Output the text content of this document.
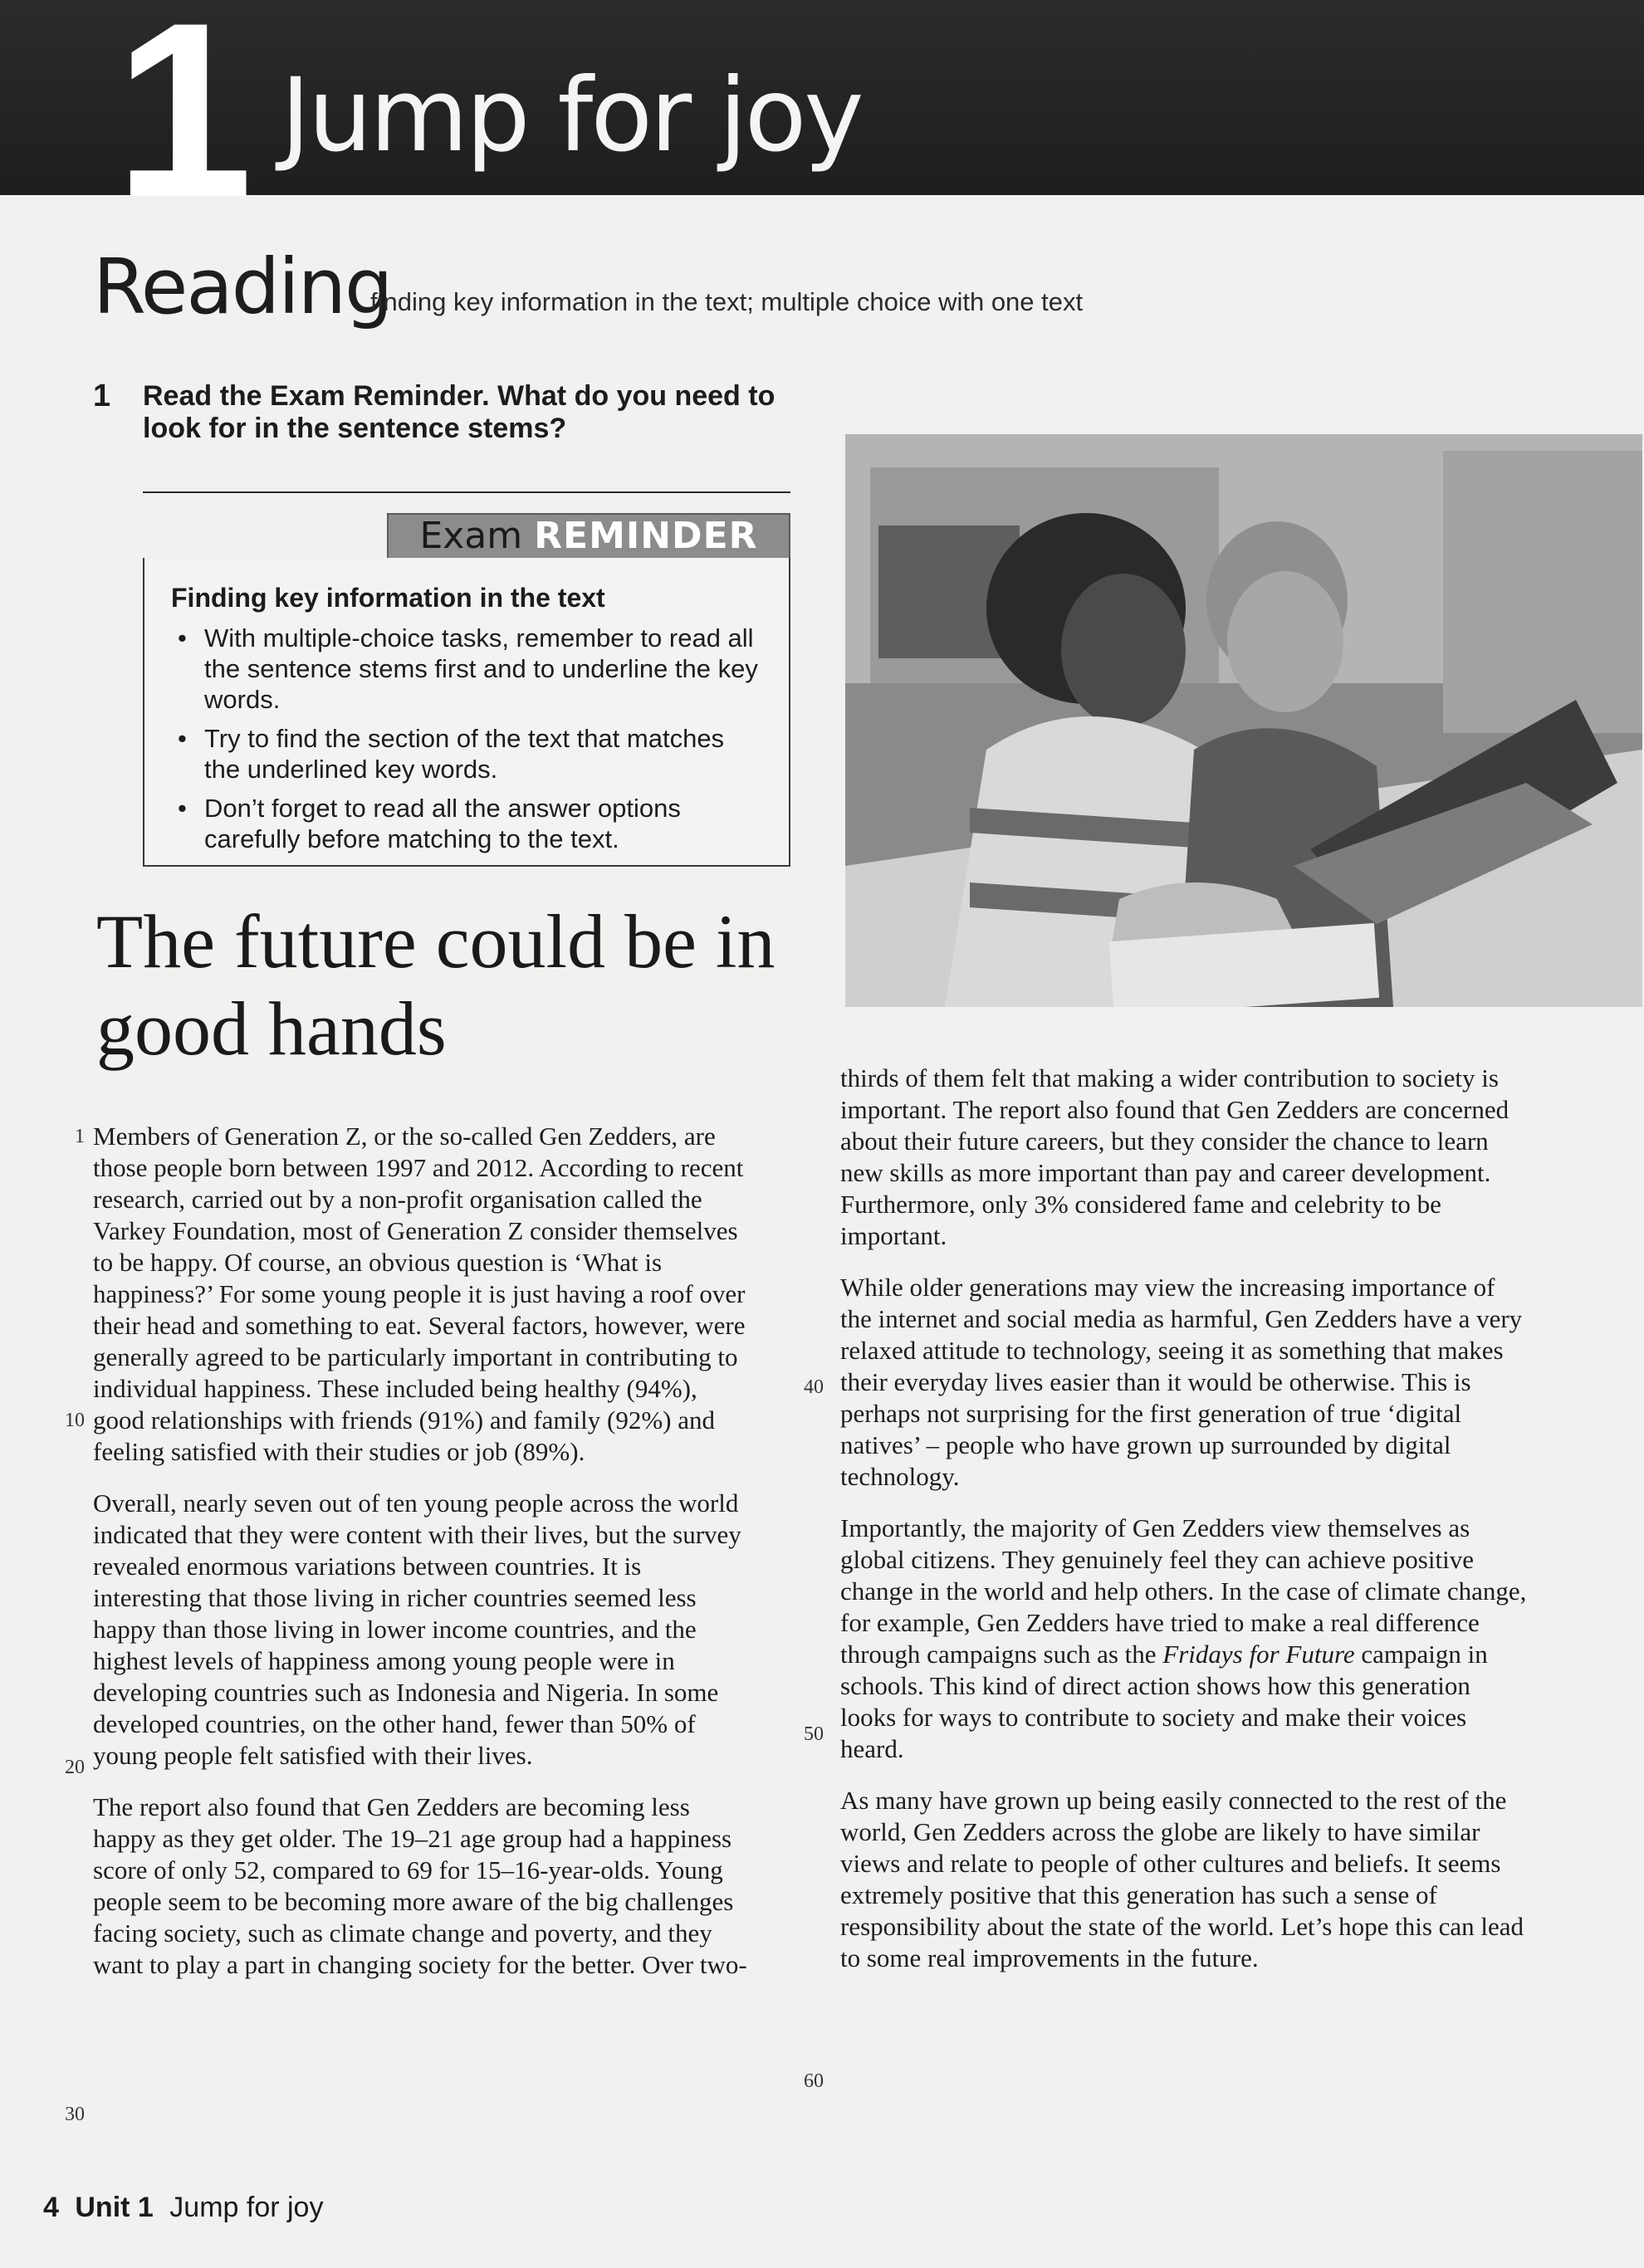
1 Jump for joy
Reading
finding key information in the text; multiple choice with one text
1 Read the Exam Reminder. What do you need to look for in the sentence stems?
Exam REMINDER
Finding key information in the text
• With multiple-choice tasks, remember to read all the sentence stems first and to underline the key words.
• Try to find the section of the text that matches the underlined key words.
• Don’t forget to read all the answer options carefully before matching to the text.
The future could be in good hands
1
10
20
30
40
50
60

Members of Generation Z, or the so-called Gen Zedders, are those people born between 1997 and 2012. According to recent research, carried out by a non-profit organisation called the Varkey Foundation, most of Generation Z consider themselves to be happy. Of course, an obvious question is ‘What is happiness?’ For some young people it is just having a roof over their head and something to eat. Several factors, however, were generally agreed to be particularly important in contributing to individual happiness. These included being healthy (94%), good relationships with friends (91%) and family (92%) and feeling satisfied with their studies or job (89%).

Overall, nearly seven out of ten young people across the world indicated that they were content with their lives, but the survey revealed enormous variations between countries. It is interesting that those living in richer countries seemed less happy than those living in lower income countries, and the highest levels of happiness among young people were in developing countries such as Indonesia and Nigeria. In some developed countries, on the other hand, fewer than 50% of young people felt satisfied with their lives.

The report also found that Gen Zedders are becoming less happy as they get older. The 19–21 age group had a happiness score of only 52, compared to 69 for 15–16-year-olds. Young people seem to be becoming more aware of the big challenges facing society, such as climate change and poverty, and they want to play a part in changing society for the better. Over two-

thirds of them felt that making a wider contribution to society is important. The report also found that Gen Zedders are concerned about their future careers, but they consider the chance to learn new skills as more important than pay and career development. Furthermore, only 3% considered fame and celebrity to be important.

While older generations may view the increasing importance of the internet and social media as harmful, Gen Zedders have a very relaxed attitude to technology, seeing it as something that makes their everyday lives easier than it would be otherwise. This is perhaps not surprising for the first generation of true ‘digital natives’ – people who have grown up surrounded by digital technology.

Importantly, the majority of Gen Zedders view themselves as global citizens. They genuinely feel they can achieve positive change in the world and help others. In the case of climate change, for example, Gen Zedders have tried to make a real difference through campaigns such as the Fridays for Future campaign in schools. This kind of direct action shows how this generation looks for ways to contribute to society and make their voices heard.

As many have grown up being easily connected to the rest of the world, Gen Zedders across the globe are likely to have similar views and relate to people of other cultures and beliefs. It seems extremely positive that this generation has such a sense of responsibility about the state of the world. Let’s hope this can lead to some real improvements in the future.

4 Unit 1 Jump for joy
